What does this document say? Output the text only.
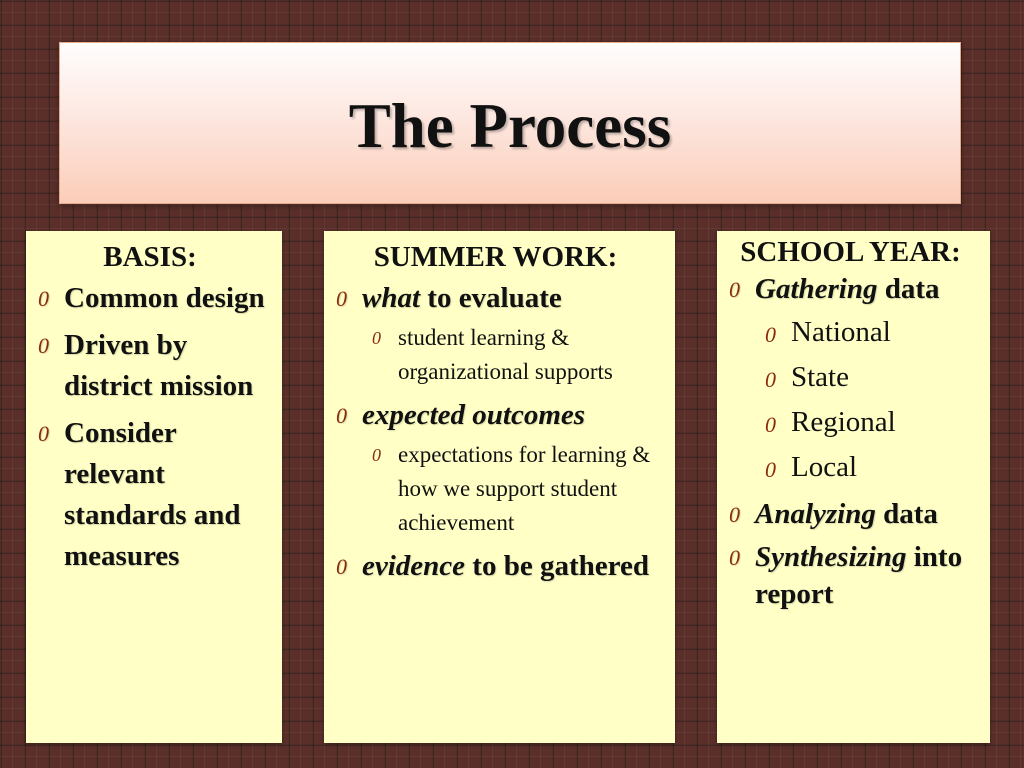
The Process
BASIS:
0 Common design
0 Driven by district mission
0 Consider relevant standards and measures
SUMMER WORK:
0 what to evaluate
0 student learning & organizational supports
0 expected outcomes
0 expectations for learning & how we support student achievement
0 evidence to be gathered
SCHOOL YEAR:
0 Gathering data
0 National
0 State
0 Regional
0 Local
0 Analyzing data
0 Synthesizing into report
